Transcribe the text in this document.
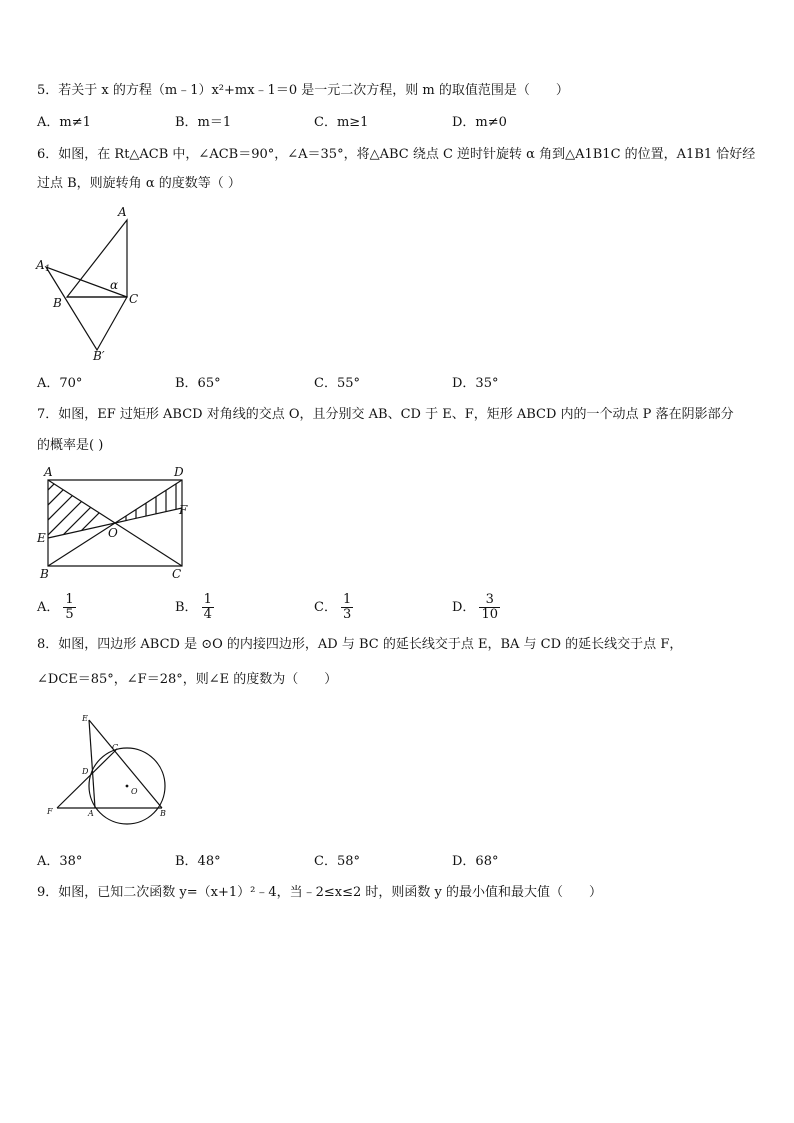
5．若关于 x 的方程（m﹣1）x²+mx﹣1＝0 是一元二次方程，则 m 的取值范围是（　　）
A．m≠1	B．m＝1	C．m≥1	D．m≠0
6．如图，在 Rt△ACB 中，∠ACB＝90°，∠A＝35°，将△ABC 绕点 C 逆时针旋转 α 角到△A1B1C 的位置，A1B1 恰好经
过点 B，则旋转角 α 的度数等（ ）
A
A 1
B	C
B′
α
A．70°	B．65°	C．55°	D．35°
7．如图，EF 过矩形 ABCD 对角线的交点 O，且分别交 AB、CD 于 E、F，矩形 ABCD 内的一个动点 P 落在阴影部分
的概率是( )
A	D
E
F
O
B	C
A． $\frac{1}{5}$	B． $\frac{1}{4}$	C． $\frac{1}{3}$	D． $\frac{3}{10}$
8．如图，四边形 ABCD 是 ⊙O 的内接四边形，AD 与 BC 的延长线交于点 E，BA 与 CD 的延长线交于点 F，
∠DCE＝85°，∠F＝28°，则∠E 的度数为（　　）
E
C
D
O
F	A	B
A．38°	B．48°	C．58°	D．68°
9．如图，已知二次函数 y=（x+1）²﹣4，当﹣2≤x≤2 时，则函数 y 的最小值和最大值（　　）
